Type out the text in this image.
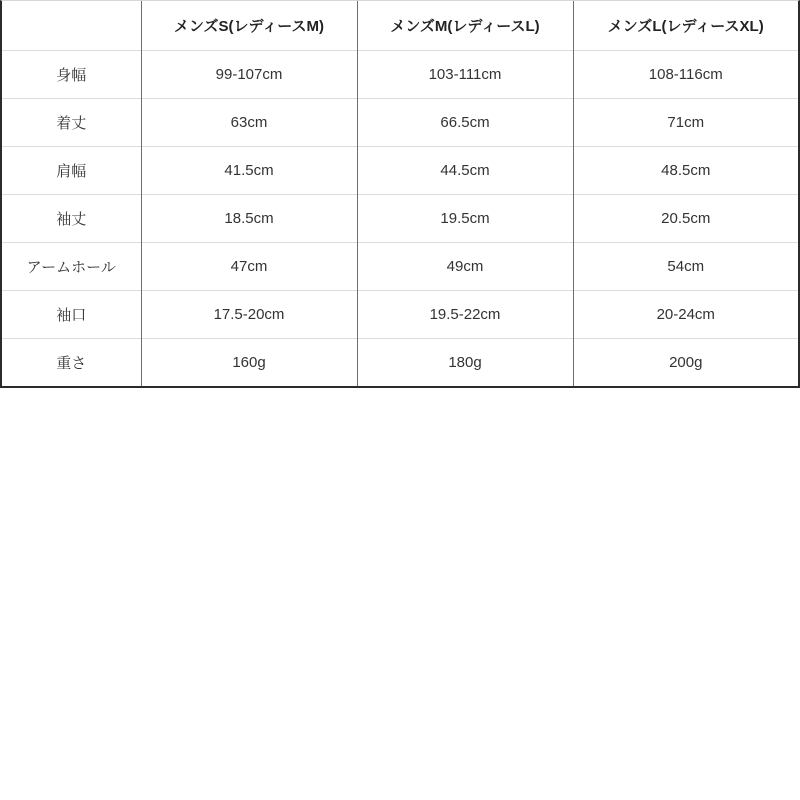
	メンズS(レディースM)	メンズM(レディースL)	メンズL(レディースXL)
身幅	99-107cm	103-111cm	108-116cm
着丈	63cm	66.5cm	71cm
肩幅	41.5cm	44.5cm	48.5cm
袖丈	18.5cm	19.5cm	20.5cm
アームホール	47cm	49cm	54cm
袖口	17.5-20cm	19.5-22cm	20-24cm
重さ	160g	180g	200g
